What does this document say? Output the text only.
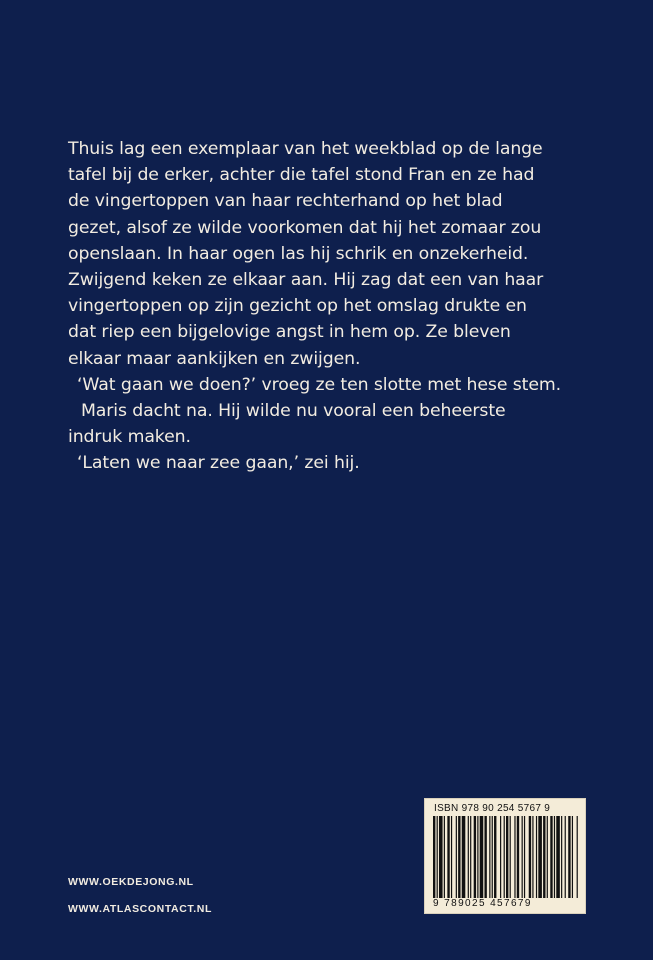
Thuis lag een exemplaar van het weekblad op de lange
tafel bij de erker, achter die tafel stond Fran en ze had
de vingertoppen van haar rechterhand op het blad
gezet, alsof ze wilde voorkomen dat hij het zomaar zou
openslaan. In haar ogen las hij schrik en onzekerheid.
Zwijgend keken ze elkaar aan. Hij zag dat een van haar
vingertoppen op zijn gezicht op het omslag drukte en
dat riep een bijgelovige angst in hem op. Ze bleven
elkaar maar aankijken en zwijgen.
‘Wat gaan we doen?’ vroeg ze ten slotte met hese stem.
Maris dacht na. Hij wilde nu vooral een beheerste
indruk maken.
‘Laten we naar zee gaan,’ zei hij.
WWW.OEKDEJONG.NL
WWW.ATLASCONTACT.NL
ISBN 978 90 254 5767 9
9 789025 457679
